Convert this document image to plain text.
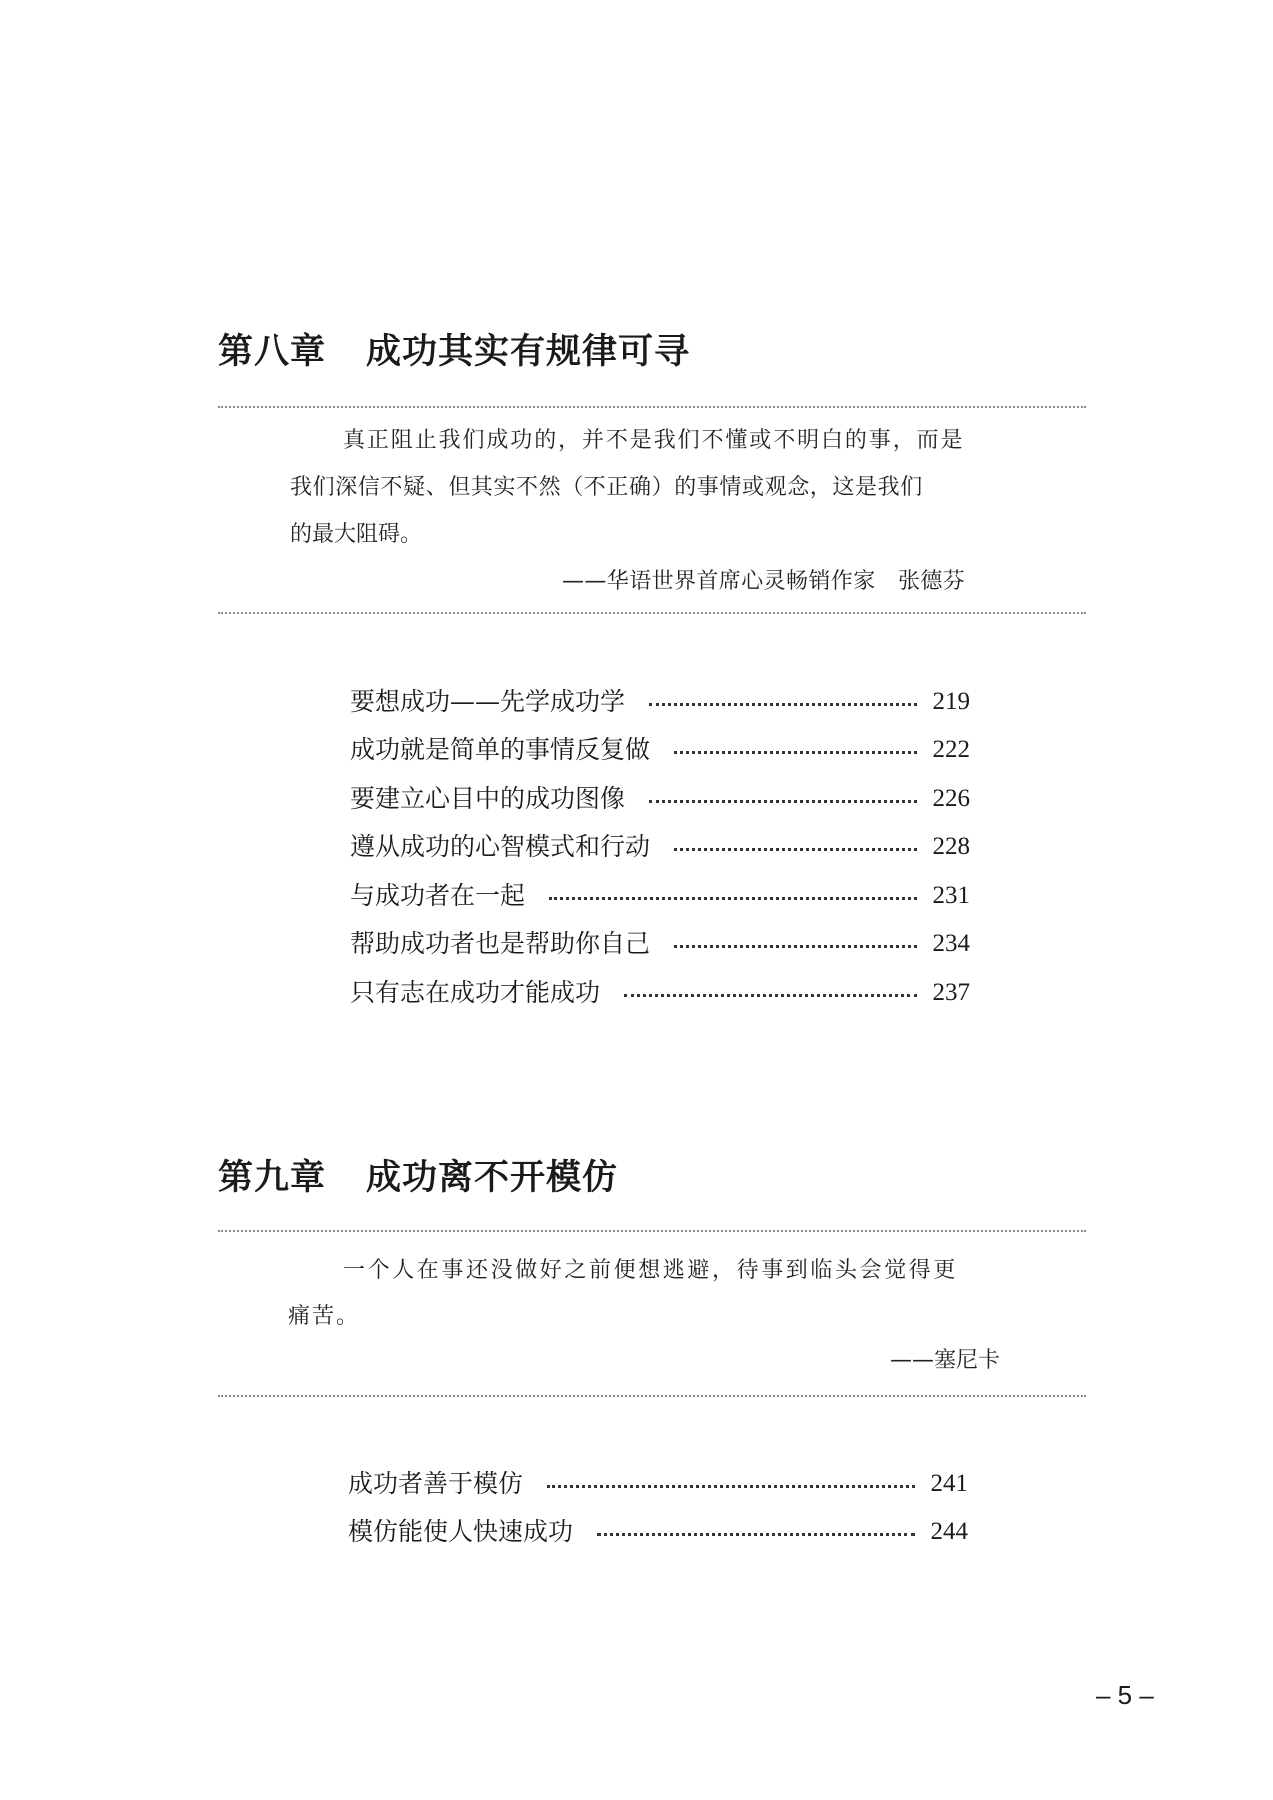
第八章 成功其实有规律可寻
真正阻止我们成功的，并不是我们不懂或不明白的事，而是
我们深信不疑、但其实不然（不正确）的事情或观念，这是我们
的最大阻碍。
——华语世界首席心灵畅销作家　张德芬
要想成功——先学成功学	219
成功就是简单的事情反复做	222
要建立心目中的成功图像	226
遵从成功的心智模式和行动	228
与成功者在一起	231
帮助成功者也是帮助你自己	234
只有志在成功才能成功	237
第九章 成功离不开模仿
一个人在事还没做好之前便想逃避，待事到临头会觉得更
痛苦。
——塞尼卡
成功者善于模仿	241
模仿能使人快速成功	244
– 5 –
